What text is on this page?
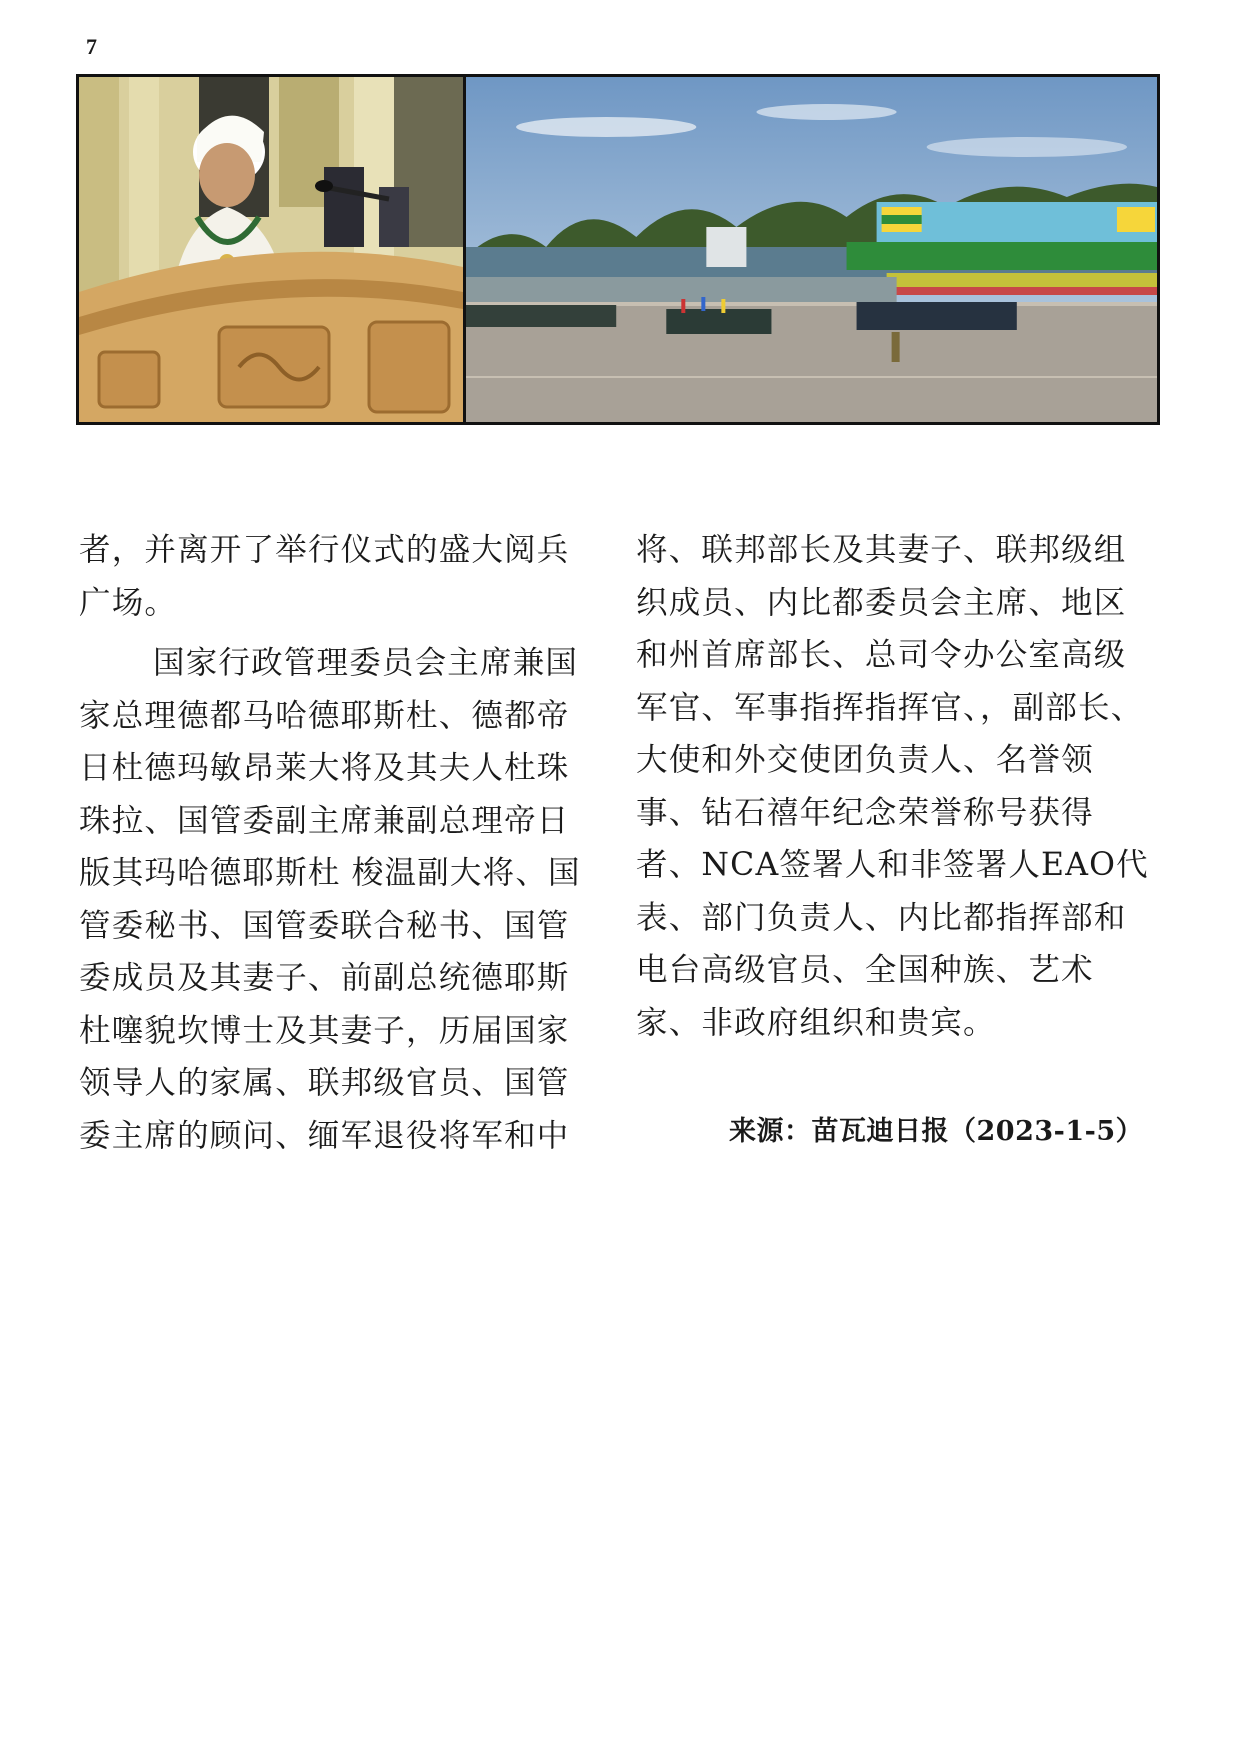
7

者，并离开了举行仪式的盛大阅兵广场。

国家行政管理委员会主席兼国家总理德都马哈德耶斯杜、德都帝日杜德玛敏昂莱大将及其夫人杜珠珠拉、国管委副主席兼副总理帝日版其玛哈德耶斯杜 梭温副大将、国管委秘书、国管委联合秘书、国管委成员及其妻子、前副总统德耶斯杜噻貌坎博士及其妻子，历届国家领导人的家属、联邦级官员、国管委主席的顾问、缅军退役将军和中

将、联邦部长及其妻子、联邦级组织成员、内比都委员会主席、地区和州首席部长、总司令办公室高级军官、军事指挥指挥官、，副部长、大使和外交使团负责人、名誉领事、钻石禧年纪念荣誉称号获得者、NCA签署人和非签署人EAO代表、部门负责人、内比都指挥部和电台高级官员、全国种族、艺术家、非政府组织和贵宾。

来源：苗瓦迪日报（2023-1-5）
